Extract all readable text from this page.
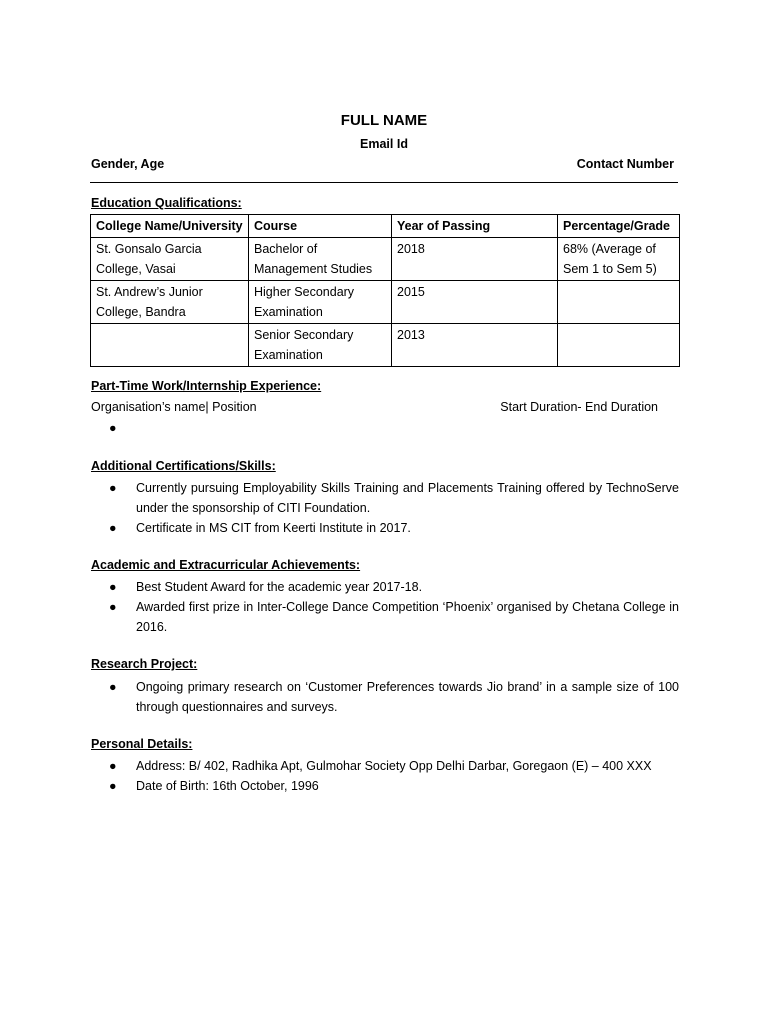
FULL NAME
Email Id
Gender, Age	Contact Number
Education Qualifications:
College Name/University	Course	Year of Passing	Percentage/Grade
St. Gonsalo Garcia College, Vasai	Bachelor of Management Studies	2018	68% (Average of Sem 1 to Sem 5)
St. Andrew’s Junior College, Bandra	Higher Secondary Examination	2015	
	Senior Secondary Examination	2013	
Part-Time Work/Internship Experience:
Organisation’s name| Position	Start Duration- End Duration
●
Additional Certifications/Skills:
● Currently pursuing Employability Skills Training and Placements Training offered by TechnoServe under the sponsorship of CITI Foundation.
● Certificate in MS CIT from Keerti Institute in 2017.
Academic and Extracurricular Achievements:
● Best Student Award for the academic year 2017-18.
● Awarded first prize in Inter-College Dance Competition ‘Phoenix’ organised by Chetana College in 2016.
Research Project:
● Ongoing primary research on ‘Customer Preferences towards Jio brand’ in a sample size of 100 through questionnaires and surveys.
Personal Details:
● Address: B/ 402, Radhika Apt, Gulmohar Society Opp Delhi Darbar, Goregaon (E) – 400 XXX
● Date of Birth: 16th October, 1996
